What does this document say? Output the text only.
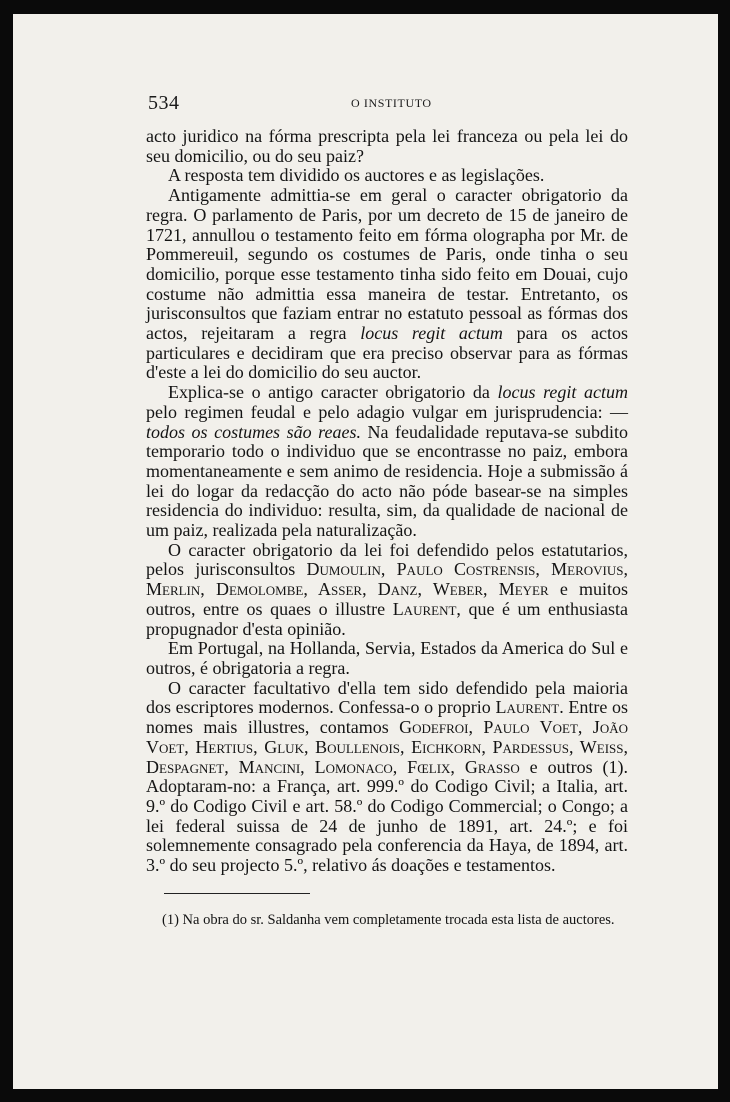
534	O INSTITUTO

acto juridico na fórma prescripta pela lei franceza ou pela lei do seu domicilio, ou do seu paiz?

A resposta tem dividido os auctores e as legislações.

Antigamente admittia-se em geral o caracter obrigatorio da regra. O parlamento de Paris, por um decreto de 15 de janeiro de 1721, annullou o testamento feito em fórma olographa por Mr. de Pommereuil, segundo os costumes de Paris, onde tinha o seu domicilio, porque esse testamento tinha sido feito em Douai, cujo costume não admittia essa maneira de testar. Entretanto, os jurisconsultos que faziam entrar no estatuto pessoal as fórmas dos actos, rejeitaram a regra locus regit actum para os actos particulares e decidiram que era preciso observar para as fórmas d'este a lei do domicilio do seu auctor.

Explica-se o antigo caracter obrigatorio da locus regit actum pelo regimen feudal e pelo adagio vulgar em jurisprudencia: — todos os costumes são reaes. Na feudalidade reputava-se subdito temporario todo o individuo que se encontrasse no paiz, embora momentaneamente e sem animo de residencia. Hoje a submissão á lei do logar da redacção do acto não póde basear-se na simples residencia do individuo: resulta, sim, da qualidade de nacional de um paiz, realizada pela naturalização.

O caracter obrigatorio da lei foi defendido pelos estatutarios, pelos jurisconsultos Dumoulin, Paulo Costrensis, Merovius, Merlin, Demolombe, Asser, Danz, Weber, Meyer e muitos outros, entre os quaes o illustre Laurent, que é um enthusiasta propugnador d'esta opinião.

Em Portugal, na Hollanda, Servia, Estados da America do Sul e outros, é obrigatoria a regra.

O caracter facultativo d'ella tem sido defendido pela maioria dos escriptores modernos. Confessa-o o proprio Laurent. Entre os nomes mais illustres, contamos Godefroi, Paulo Voet, João Voet, Hertius, Gluk, Boullenois, Eichkorn, Pardessus, Weiss, Despagnet, Mancini, Lomonaco, Fœlix, Grasso e outros (1). Adoptaram-no: a França, art. 999.º do Codigo Civil; a Italia, art. 9.º do Codigo Civil e art. 58.º do Codigo Commercial; o Congo; a lei federal suissa de 24 de junho de 1891, art. 24.º; e foi solemnemente consagrado pela conferencia da Haya, de 1894, art. 3.º do seu projecto 5.º, relativo ás doações e testamentos.

(1) Na obra do sr. Saldanha vem completamente trocada esta lista de auctores.
